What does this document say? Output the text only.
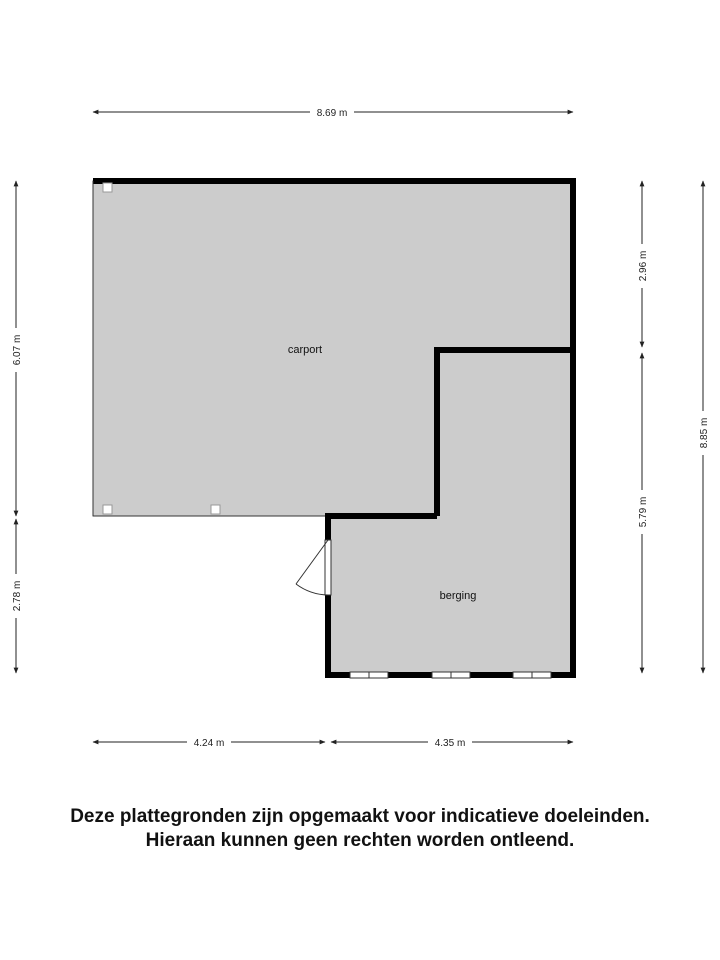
carport
berging
8.69 m
6.07 m
2.78 m
2.96 m
5.79 m
8.85 m
4.24 m	4.35 m
Deze plattegronden zijn opgemaakt voor indicatieve doeleinden.
Hieraan kunnen geen rechten worden ontleend.
